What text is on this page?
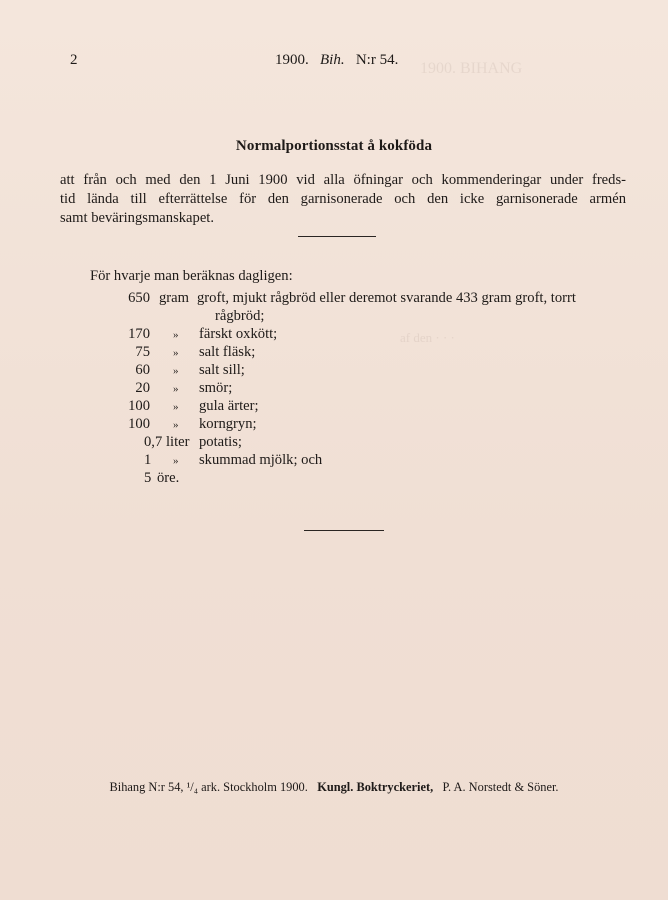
1900. BIHANG
af den · · ·
2	1900. Bih. N:r 54.
Normalportionsstat å kokföda
att från och med den 1 Juni 1900 vid alla öfningar och kommenderingar under freds-
tid lända till efterrättelse för den garnisonerade och den icke garnisonerade armén
samt beväringsmanskapet.
För hvarje man beräknas dagligen:
650 gram groft, mjukt rågbröd eller deremot svarande 433 gram groft, torrt
rågbröd;
170 » färskt oxkött;
75 » salt fläsk;
60 » salt sill;
20 » smör;
100 » gula ärter;
100 » korngryn;
0,7 liter potatis;
1 » skummad mjölk; och
5 öre.
Bihang N:r 54, ¹/₄ ark. Stockholm 1900. Kungl. Boktryckeriet, P. A. Norstedt & Söner.
